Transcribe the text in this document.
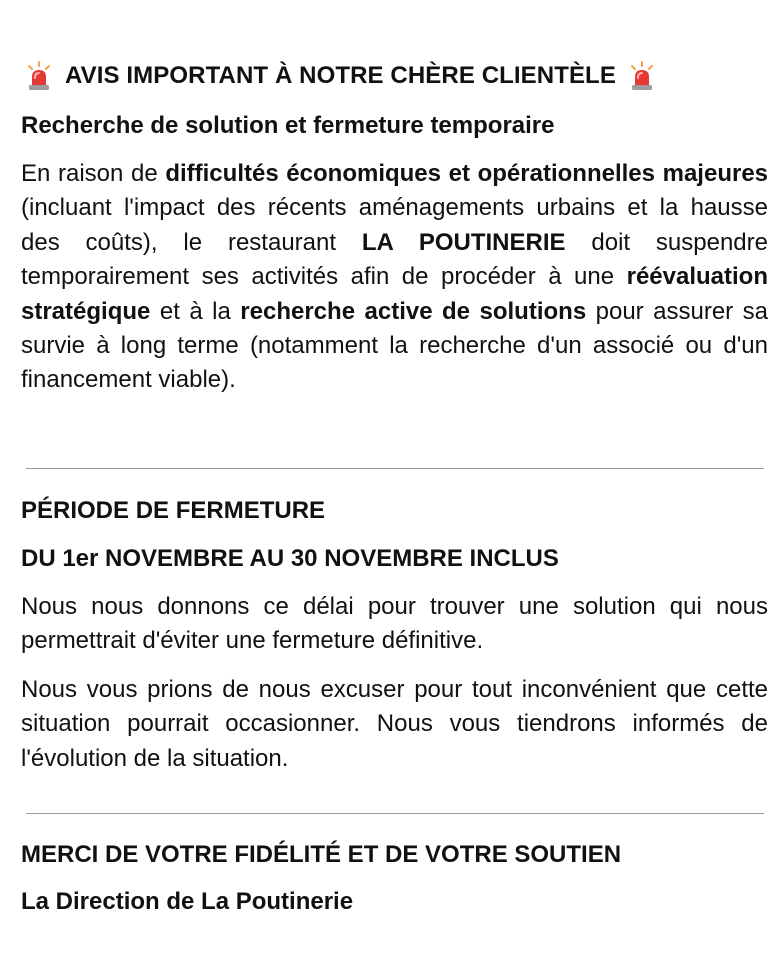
AVIS IMPORTANT À NOTRE CHÈRE CLIENTÈLE
Recherche de solution et fermeture temporaire

En raison de difficultés économiques et opérationnelles majeures (incluant l'impact des récents aménagements urbains et la hausse des coûts), le restaurant LA POUTINERIE doit suspendre temporairement ses activités afin de procéder à une réévaluation stratégique et à la recherche active de solutions pour assurer sa survie à long terme (notamment la recherche d'un associé ou d'un financement viable).

PÉRIODE DE FERMETURE
DU 1er NOVEMBRE AU 30 NOVEMBRE INCLUS

Nous nous donnons ce délai pour trouver une solution qui nous permettrait d'éviter une fermeture définitive.

Nous vous prions de nous excuser pour tout inconvénient que cette situation pourrait occasionner. Nous vous tiendrons informés de l'évolution de la situation.

MERCI DE VOTRE FIDÉLITÉ ET DE VOTRE SOUTIEN
La Direction de La Poutinerie
